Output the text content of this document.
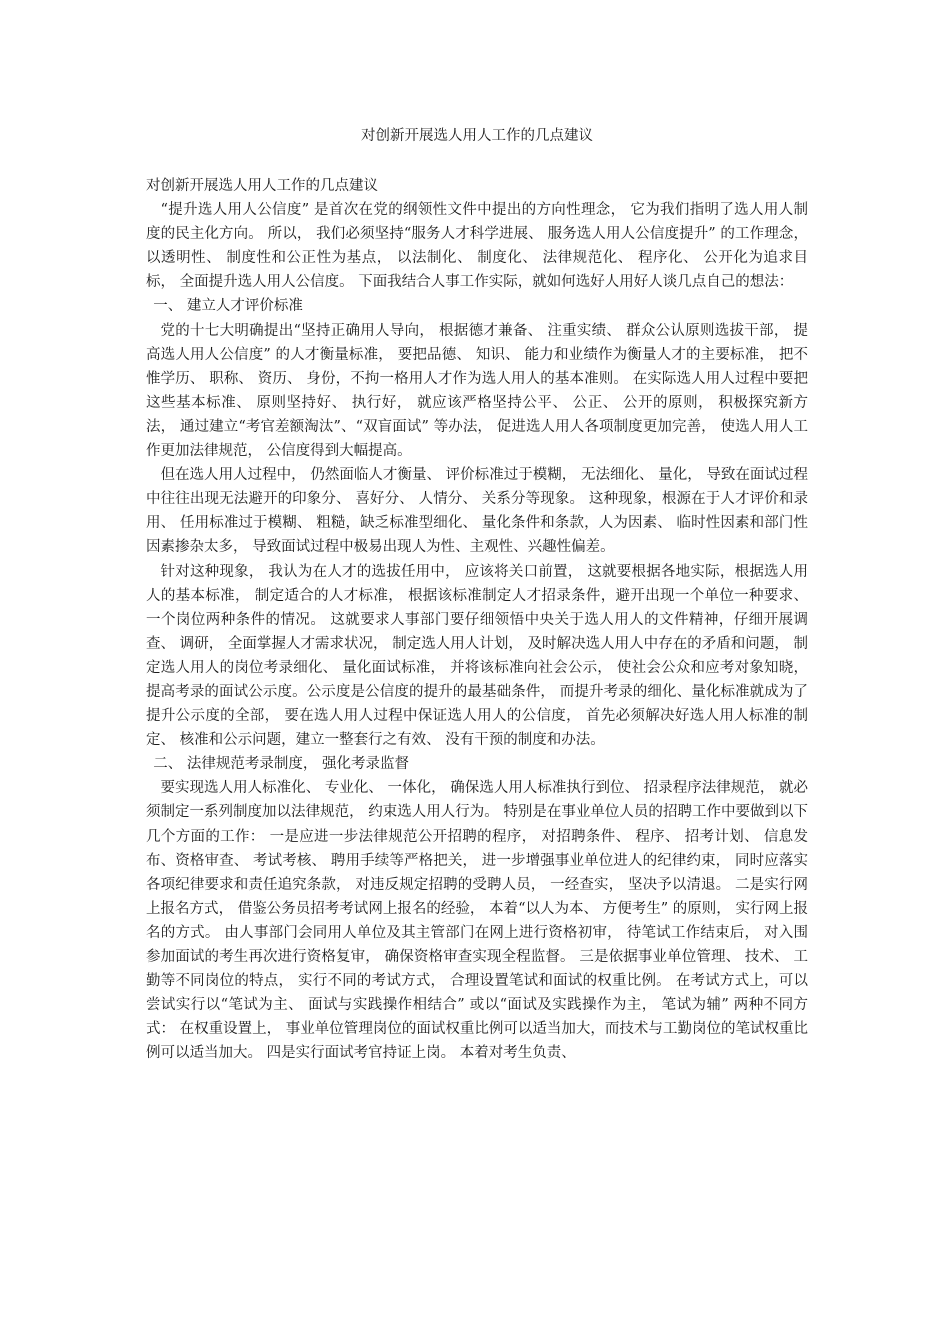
对创新开展选人用人工作的几点建议

对创新开展选人用人工作的几点建议

“提升选人用人公信度” 是首次在党的纲领性文件中提出的方向性理念， 它为我们指明了选人用人制度的民主化方向。 所以， 我们必须坚持“服务人才科学进展、 服务选人用人公信度提升” 的工作理念， 以透明性、 制度性和公正性为基点， 以法制化、 制度化、 法律规范化、 程序化、 公开化为追求目标， 全面提升选人用人公信度。 下面我结合人事工作实际，就如何选好人用好人谈几点自己的想法：

一、 建立人才评价标准

党的十七大明确提出“坚持正确用人导向， 根据德才兼备、 注重实绩、 群众公认原则选拔干部， 提高选人用人公信度” 的人才衡量标准， 要把品德、 知识、 能力和业绩作为衡量人才的主要标准， 把不惟学历、 职称、 资历、 身份，不拘一格用人才作为选人用人的基本准则。 在实际选人用人过程中要把这些基本标准、 原则坚持好、 执行好， 就应该严格坚持公平、 公正、 公开的原则， 积极探究新方法， 通过建立“考官差额淘汰”、“双盲面试” 等办法， 促进选人用人各项制度更加完善， 使选人用人工作更加法律规范， 公信度得到大幅提高。

但在选人用人过程中， 仍然面临人才衡量、 评价标准过于模糊， 无法细化、 量化， 导致在面试过程中往往出现无法避开的印象分、 喜好分、 人情分、 关系分等现象。 这种现象，根源在于人才评价和录用、 任用标准过于模糊、 粗糙，缺乏标准型细化、 量化条件和条款，人为因素、 临时性因素和部门性因素掺杂太多， 导致面试过程中极易出现人为性、主观性、兴趣性偏差。

针对这种现象， 我认为在人才的选拔任用中， 应该将关口前置， 这就要根据各地实际，根据选人用人的基本标准， 制定适合的人才标准， 根据该标准制定人才招录条件，避开出现一个单位一种要求、 一个岗位两种条件的情况。 这就要求人事部门要仔细领悟中央关于选人用人的文件精神，仔细开展调查、 调研， 全面掌握人才需求状况， 制定选人用人计划， 及时解决选人用人中存在的矛盾和问题， 制定选人用人的岗位考录细化、 量化面试标准， 并将该标准向社会公示， 使社会公众和应考对象知晓， 提高考录的面试公示度。公示度是公信度的提升的最基础条件， 而提升考录的细化、量化标准就成为了提升公示度的全部， 要在选人用人过程中保证选人用人的公信度， 首先必须解决好选人用人标准的制定、 核准和公示问题，建立一整套行之有效、 没有干预的制度和办法。

二、 法律规范考录制度， 强化考录监督

要实现选人用人标准化、 专业化、 一体化， 确保选人用人标准执行到位、 招录程序法律规范， 就必须制定一系列制度加以法律规范， 约束选人用人行为。 特别是在事业单位人员的招聘工作中要做到以下几个方面的工作： 一是应进一步法律规范公开招聘的程序， 对招聘条件、 程序、 招考计划、 信息发布、资格审查、 考试考核、 聘用手续等严格把关， 进一步增强事业单位进人的纪律约束， 同时应落实各项纪律要求和责任追究条款， 对违反规定招聘的受聘人员， 一经查实， 坚决予以清退。 二是实行网上报名方式， 借鉴公务员招考考试网上报名的经验， 本着“以人为本、 方便考生” 的原则， 实行网上报名的方式。 由人事部门会同用人单位及其主管部门在网上进行资格初审， 待笔试工作结束后， 对入围参加面试的考生再次进行资格复审， 确保资格审查实现全程监督。 三是依据事业单位管理、 技术、 工勤等不同岗位的特点， 实行不同的考试方式， 合理设置笔试和面试的权重比例。 在考试方式上，可以尝试实行以“笔试为主、 面试与实践操作相结合” 或以“面试及实践操作为主， 笔试为辅” 两种不同方式： 在权重设置上， 事业单位管理岗位的面试权重比例可以适当加大，而技术与工勤岗位的笔试权重比例可以适当加大。 四是实行面试考官持证上岗。 本着对考生负责、
